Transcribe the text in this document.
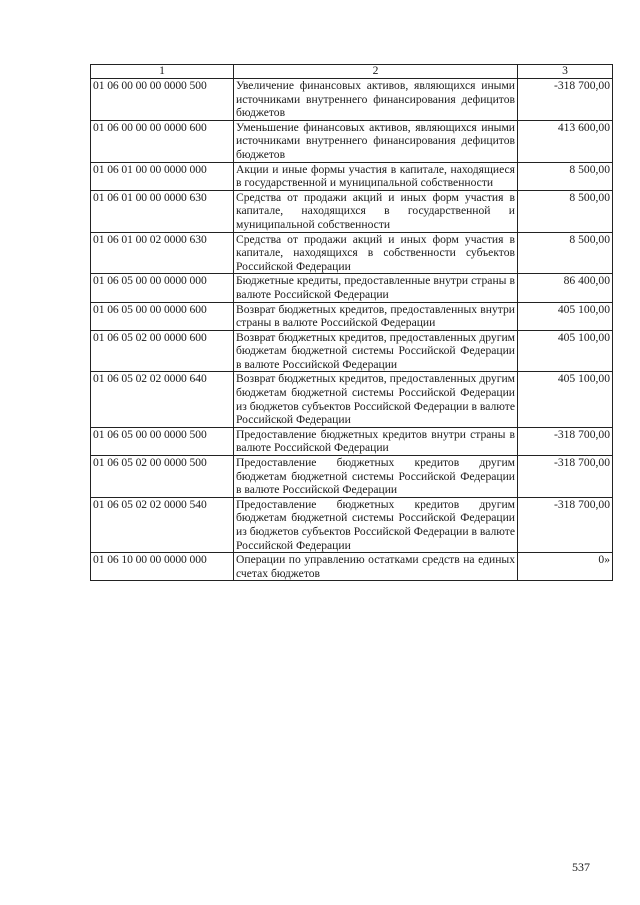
1	2	3
01 06 00 00 00 0000 500	Увеличение финансовых активов, являющихся иными источниками внутреннего финансирования дефицитов бюджетов	-318 700,00
01 06 00 00 00 0000 600	Уменьшение финансовых активов, являющихся иными источниками внутреннего финансирования дефицитов бюджетов	413 600,00
01 06 01 00 00 0000 000	Акции и иные формы участия в капитале, находящиеся в государственной и муниципальной собственности	8 500,00
01 06 01 00 00 0000 630	Средства от продажи акций и иных форм участия в капитале, находящихся в государственной и муниципальной собственности	8 500,00
01 06 01 00 02 0000 630	Средства от продажи акций и иных форм участия в капитале, находящихся в собственности субъектов Российской Федерации	8 500,00
01 06 05 00 00 0000 000	Бюджетные кредиты, предоставленные внутри страны в валюте Российской Федерации	86 400,00
01 06 05 00 00 0000 600	Возврат бюджетных кредитов, предоставленных внутри страны в валюте Российской Федерации	405 100,00
01 06 05 02 00 0000 600	Возврат бюджетных кредитов, предоставленных другим бюджетам бюджетной системы Российской Федерации в валюте Российской Федерации	405 100,00
01 06 05 02 02 0000 640	Возврат бюджетных кредитов, предоставленных другим бюджетам бюджетной системы Российской Федерации из бюджетов субъектов Российской Федерации в валюте Российской Федерации	405 100,00
01 06 05 00 00 0000 500	Предоставление бюджетных кредитов внутри страны в валюте Российской Федерации	-318 700,00
01 06 05 02 00 0000 500	Предоставление бюджетных кредитов другим бюджетам бюджетной системы Российской Федерации в валюте Российской Федерации	-318 700,00
01 06 05 02 02 0000 540	Предоставление бюджетных кредитов другим бюджетам бюджетной системы Российской Федерации из бюджетов субъектов Российской Федерации в валюте Российской Федерации	-318 700,00
01 06 10 00 00 0000 000	Операции по управлению остатками средств на единых счетах бюджетов	0»
537
